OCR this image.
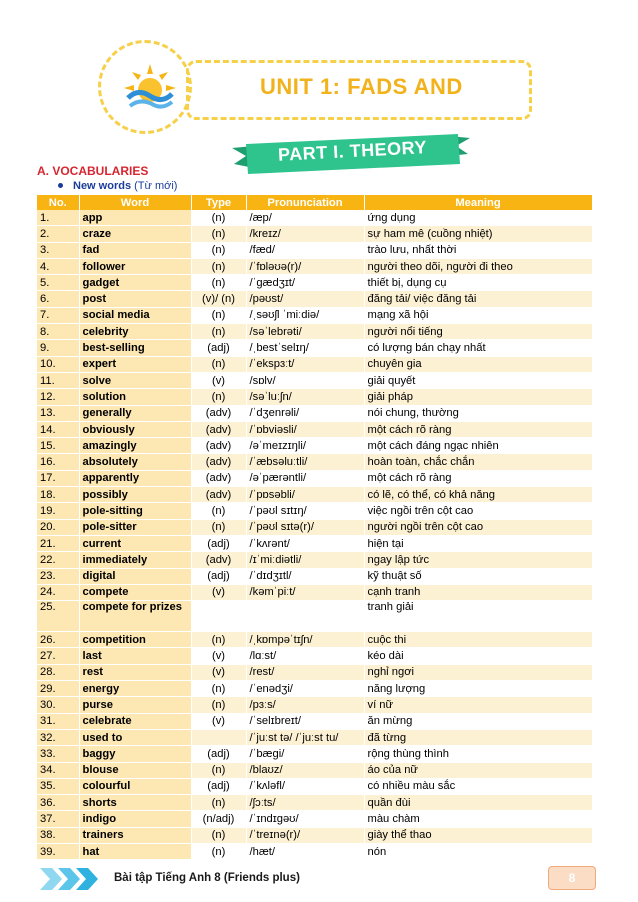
UNIT 1: FADS AND
PART I. THEORY
A. VOCABULARIES
New words (Từ mới)
No.	Word	Type	Pronunciation	Meaning
1.	app	(n)	/æp/	ứng dụng
2.	craze	(n)	/kreɪz/	sự ham mê (cuồng nhiệt)
3.	fad	(n)	/fæd/	trào lưu, nhất thời
4.	follower	(n)	/ˈfɒləʊə(r)/	người theo dõi, người đi theo
5.	gadget	(n)	/ˈɡædʒɪt/	thiết bị, dụng cụ
6.	post	(v)/ (n)	/pəʊst/	đăng tải/ việc đăng tải
7.	social media	(n)	/ˌsəʊʃl ˈmiːdiə/	mạng xã hội
8.	celebrity	(n)	/səˈlebrəti/	người nổi tiếng
9.	best-selling	(adj)	/ˌbestˈselɪŋ/	có lượng bán chạy nhất
10.	expert	(n)	/ˈekspɜːt/	chuyên gia
11.	solve	(v)	/sɒlv/	giải quyết
12.	solution	(n)	/səˈluːʃn/	giải pháp
13.	generally	(adv)	/ˈdʒenrəli/	nói chung, thường
14.	obviously	(adv)	/ˈɒbviəsli/	một cách rõ ràng
15.	amazingly	(adv)	/əˈmeɪzɪŋli/	một cách đáng ngạc nhiên
16.	absolutely	(adv)	/ˈæbsəluːtli/	hoàn toàn, chắc chắn
17.	apparently	(adv)	/əˈpærəntli/	một cách rõ ràng
18.	possibly	(adv)	/ˈpɒsəbli/	có lẽ, có thể, có khả năng
19.	pole-sitting	(n)	/ˈpəʊl sɪtɪŋ/	việc ngồi trên cột cao
20.	pole-sitter	(n)	/ˈpəʊl sɪtə(r)/	người ngồi trên cột cao
21.	current	(adj)	/ˈkʌrənt/	hiện tại
22.	immediately	(adv)	/ɪˈmiːdiətli/	ngay lập tức
23.	digital	(adj)	/ˈdɪdʒɪtl/	kỹ thuật số
24.	compete	(v)	/kəmˈpiːt/	cạnh tranh
25.	compete for prizes			tranh giải
26.	competition	(n)	/ˌkɒmpəˈtɪʃn/	cuộc thi
27.	last	(v)	/lɑːst/	kéo dài
28.	rest	(v)	/rest/	nghỉ ngơi
29.	energy	(n)	/ˈenədʒi/	năng lượng
30.	purse	(n)	/pɜːs/	ví nữ
31.	celebrate	(v)	/ˈselɪbreɪt/	ăn mừng
32.	used to		/ˈjuːst tə/ /ˈjuːst tu/	đã từng
33.	baggy	(adj)	/ˈbæɡi/	rộng thùng thình
34.	blouse	(n)	/blaʊz/	áo của nữ
35.	colourful	(adj)	/ˈkʌləfl/	có nhiều màu sắc
36.	shorts	(n)	/ʃɔːts/	quần đùi
37.	indigo	(n/adj)	/ˈɪndɪɡəʊ/	màu chàm
38.	trainers	(n)	/ˈtreɪnə(r)/	giày thể thao
39.	hat	(n)	/hæt/	nón
Bài tập Tiếng Anh 8 (Friends plus)	8
